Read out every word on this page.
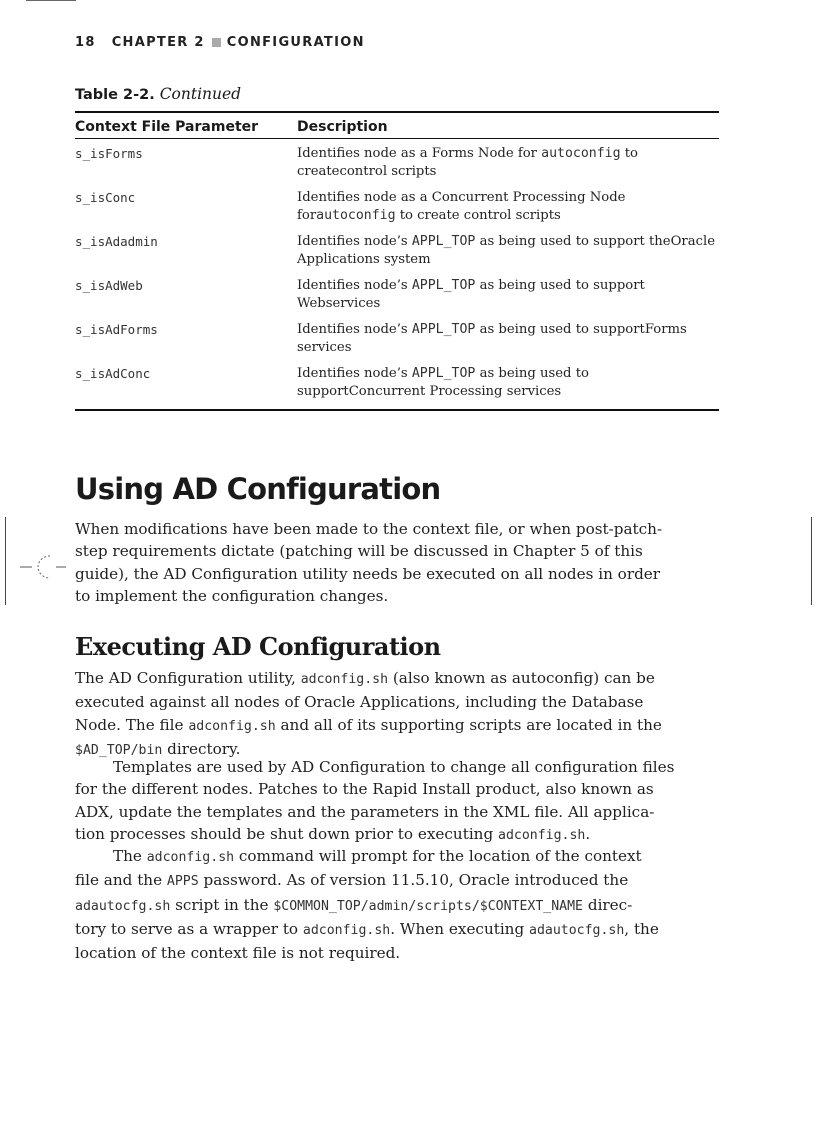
18 CHAPTER 2 CONFIGURATION
Table 2-2. Continued
Context File Parameter	Description
s_isForms	Identifies node as a Forms Node for autoconfig to createcontrol scripts
s_isConc	Identifies node as a Concurrent Processing Node forautoconfig to create control scripts
s_isAdadmin	Identifies node’s APPL_TOP as being used to support theOracle Applications system
s_isAdWeb	Identifies node’s APPL_TOP as being used to support Webservices
s_isAdForms	Identifies node’s APPL_TOP as being used to supportForms services
s_isAdConc	Identifies node’s APPL_TOP as being used to supportConcurrent Processing services
Using AD Configuration
When modifications have been made to the context file, or when post-patch-
step requirements dictate (patching will be discussed in Chapter 5 of this
guide), the AD Configuration utility needs be executed on all nodes in order
to implement the configuration changes.
Executing AD Configuration
The AD Configuration utility, adconfig.sh (also known as autoconfig) can be
executed against all nodes of Oracle Applications, including the Database
Node. The file adconfig.sh and all of its supporting scripts are located in the
$AD_TOP/bin directory.
Templates are used by AD Configuration to change all configuration files
for the different nodes. Patches to the Rapid Install product, also known as
ADX, update the templates and the parameters in the XML file. All applica-
tion processes should be shut down prior to executing adconfig.sh.
The adconfig.sh command will prompt for the location of the context
file and the APPS password. As of version 11.5.10, Oracle introduced the
adautocfg.sh script in the $COMMON_TOP/admin/scripts/$CONTEXT_NAME direc-
tory to serve as a wrapper to adconfig.sh. When executing adautocfg.sh, the
location of the context file is not required.
